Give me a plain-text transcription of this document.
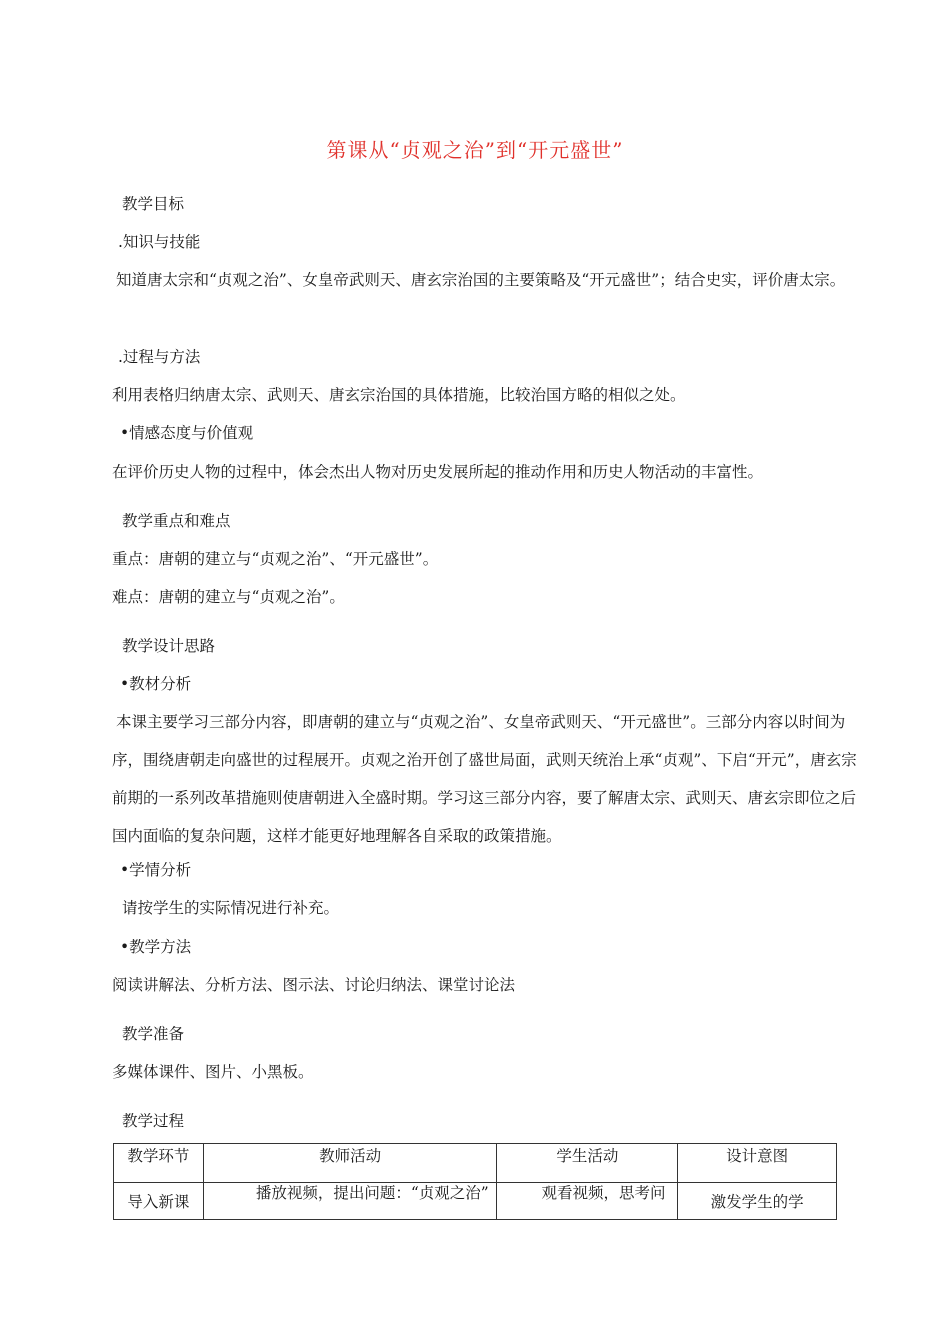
第课从“贞观之治”到“开元盛世”
教学目标
.知识与技能
知道唐太宗和“贞观之治”、女皇帝武则天、唐玄宗治国的主要策略及“开元盛世”；结合史实，评价唐太宗。
.过程与方法
利用表格归纳唐太宗、武则天、唐玄宗治国的具体措施，比较治国方略的相似之处。
•情感态度与价值观
在评价历史人物的过程中，体会杰出人物对历史发展所起的推动作用和历史人物活动的丰富性。
教学重点和难点
重点：唐朝的建立与“贞观之治”、“开元盛世”。
难点：唐朝的建立与“贞观之治”。
教学设计思路
•教材分析
本课主要学习三部分内容，即唐朝的建立与“贞观之治”、女皇帝武则天、“开元盛世”。三部分内容以时间为序，围绕唐朝走向盛世的过程展开。贞观之治开创了盛世局面，武则天统治上承“贞观”、下启“开元”，唐玄宗前期的一系列改革措施则使唐朝进入全盛时期。学习这三部分内容，要了解唐太宗、武则天、唐玄宗即位之后国内面临的复杂问题，这样才能更好地理解各自采取的政策措施。
•学情分析
请按学生的实际情况进行补充。
•教学方法
阅读讲解法、分析方法、图示法、讨论归纳法、课堂讨论法
教学准备
多媒体课件、图片、小黑板。
教学过程
教学环节	教师活动	学生活动	设计意图
导入新课	播放视频，提出问题：“贞观之治”	观看视频，思考问	激发学生的学
